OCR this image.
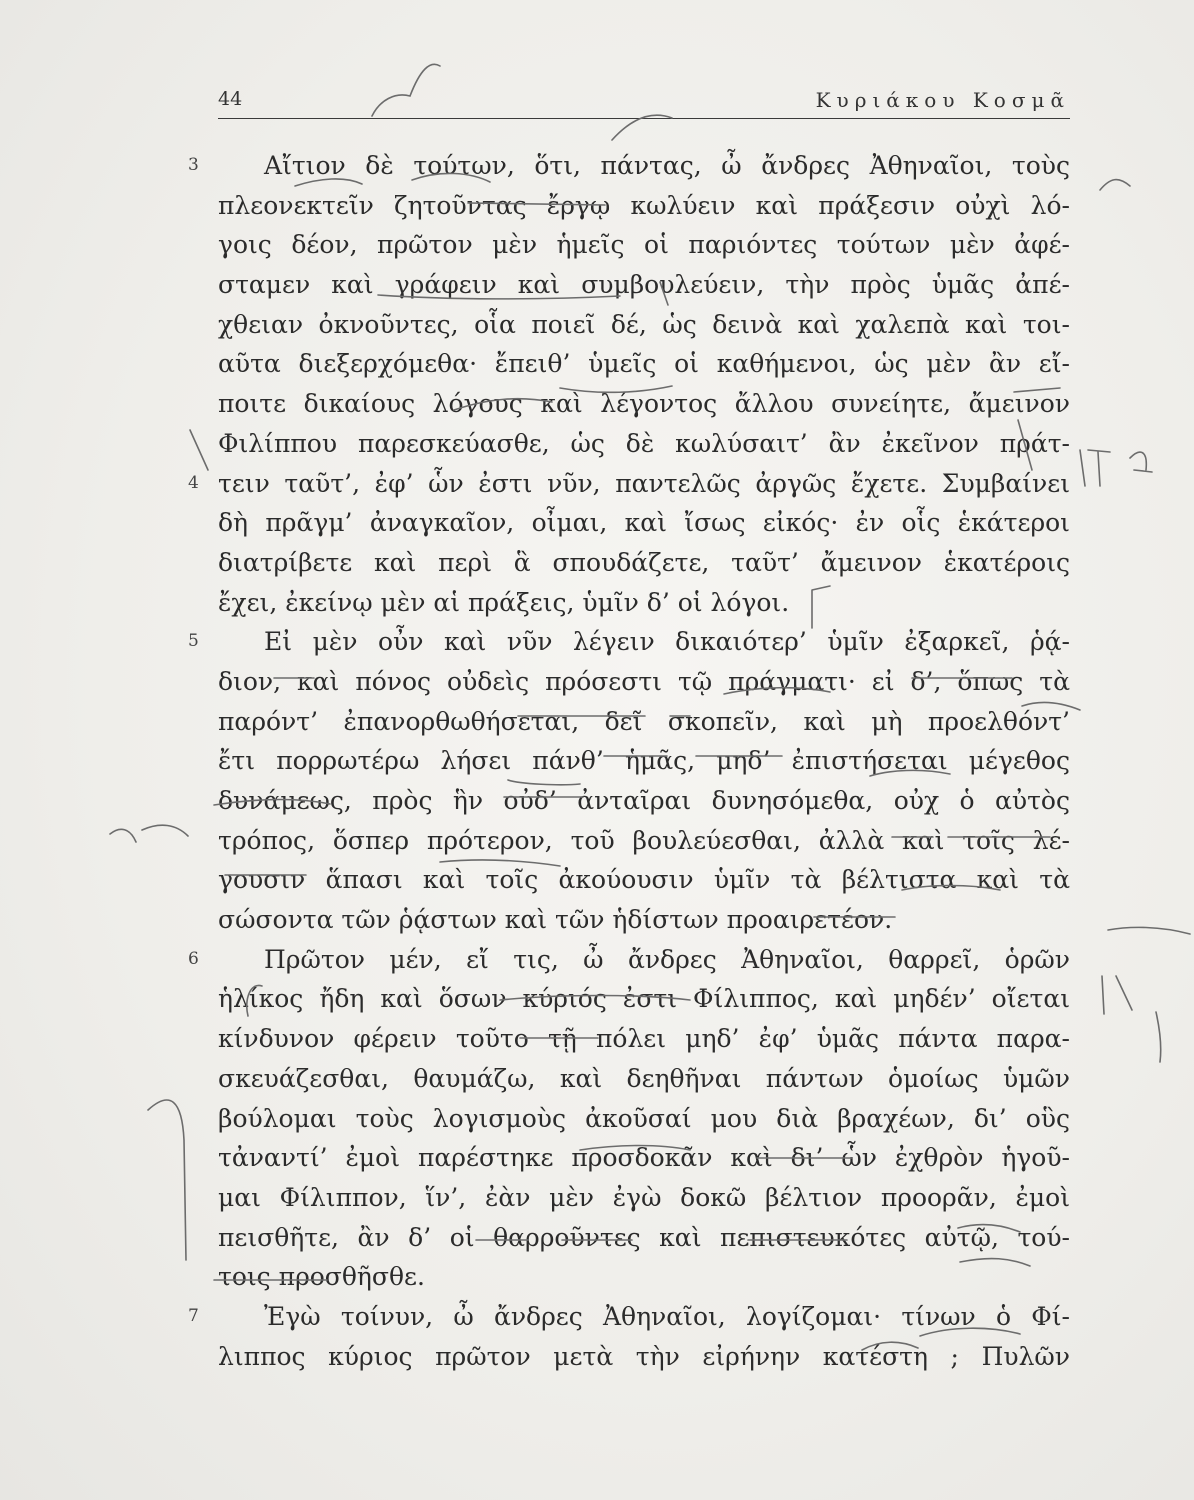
44	Κυριάκου Κοσμᾶ
3	Αἴτιον δὲ τούτων, ὅτι, πάντας, ὦ ἄνδρες Ἀθηναῖοι, τοὺς
πλεονεκτεῖν ζητοῦντας ἔργῳ κωλύειν καὶ πράξεσιν οὐχὶ λό-
γοις δέον, πρῶτον μὲν ἡμεῖς οἱ παριόντες τούτων μὲν ἀφέ-
σταμεν καὶ γράφειν καὶ συμβουλεύειν, τὴν πρὸς ὑμᾶς ἀπέ-
χθειαν ὀκνοῦντες, οἷα ποιεῖ δέ, ὡς δεινὰ καὶ χαλεπὰ καὶ τοι-
αῦτα διεξερχόμεθα· ἔπειθ’ ὑμεῖς οἱ καθήμενοι, ὡς μὲν ἂν εἴ-
ποιτε δικαίους λόγους καὶ λέγοντος ἄλλου συνείητε, ἄμεινον
Φιλίππου παρεσκεύασθε, ὡς δὲ κωλύσαιτ’ ἂν ἐκεῖνον πράτ-
4 τειν ταῦτ’, ἐφ’ ὧν ἐστι νῦν, παντελῶς ἀργῶς ἔχετε. Συμβαίνει
δὴ πρᾶγμ’ ἀναγκαῖον, οἶμαι, καὶ ἴσως εἰκός· ἐν οἷς ἑκάτεροι
διατρίβετε καὶ περὶ ἃ σπουδάζετε, ταῦτ’ ἄμεινον ἑκατέροις
ἔχει, ἐκείνῳ μὲν αἱ πράξεις, ὑμῖν δ’ οἱ λόγοι.
5	Εἰ μὲν οὖν καὶ νῦν λέγειν δικαιότερ’ ὑμῖν ἐξαρκεῖ, ῥᾴ-
διον, καὶ πόνος οὐδεὶς πρόσεστι τῷ πράγματι· εἰ δ’, ὅπως τὰ
παρόντ’ ἐπανορθωθήσεται, δεῖ σκοπεῖν, καὶ μὴ προελθόντ’
ἔτι πορρωτέρω λήσει πάνθ’ ἡμᾶς, μηδ’ ἐπιστήσεται μέγεθος
δυνάμεως, πρὸς ἣν οὐδ’ ἀνταῖραι δυνησόμεθα, οὐχ ὁ αὐτὸς
τρόπος, ὅσπερ πρότερον, τοῦ βουλεύεσθαι, ἀλλὰ καὶ τοῖς λέ-
γουσιν ἅπασι καὶ τοῖς ἀκούουσιν ὑμῖν τὰ βέλτιστα καὶ τὰ
σώσοντα τῶν ῥᾴστων καὶ τῶν ἡδίστων προαιρετέον.
6	Πρῶτον μέν, εἴ τις, ὦ ἄνδρες Ἀθηναῖοι, θαρρεῖ, ὁρῶν
ἡλίκος ἤδη καὶ ὅσων κύριός ἐστι Φίλιππος, καὶ μηδέν’ οἴεται
κίνδυνον φέρειν τοῦτο τῇ πόλει μηδ’ ἐφ’ ὑμᾶς πάντα παρα-
σκευάζεσθαι, θαυμάζω, καὶ δεηθῆναι πάντων ὁμοίως ὑμῶν
βούλομαι τοὺς λογισμοὺς ἀκοῦσαί μου διὰ βραχέων, δι’ οὓς
τἀναντί’ ἐμοὶ παρέστηκε προσδοκᾶν καὶ δι’ ὧν ἐχθρὸν ἡγοῦ-
μαι Φίλιππον, ἵν’, ἐὰν μὲν ἐγὼ δοκῶ βέλτιον προορᾶν, ἐμοὶ
πεισθῆτε, ἂν δ’ οἱ θαρροῦντες καὶ πεπιστευκότες αὐτῷ, τού-
τοις προσθῆσθε.
7	Ἐγὼ τοίνυν, ὦ ἄνδρες Ἀθηναῖοι, λογίζομαι· τίνων ὁ Φί-
λιππος κύριος πρῶτον μετὰ τὴν εἰρήνην κατέστη ; Πυλῶν
